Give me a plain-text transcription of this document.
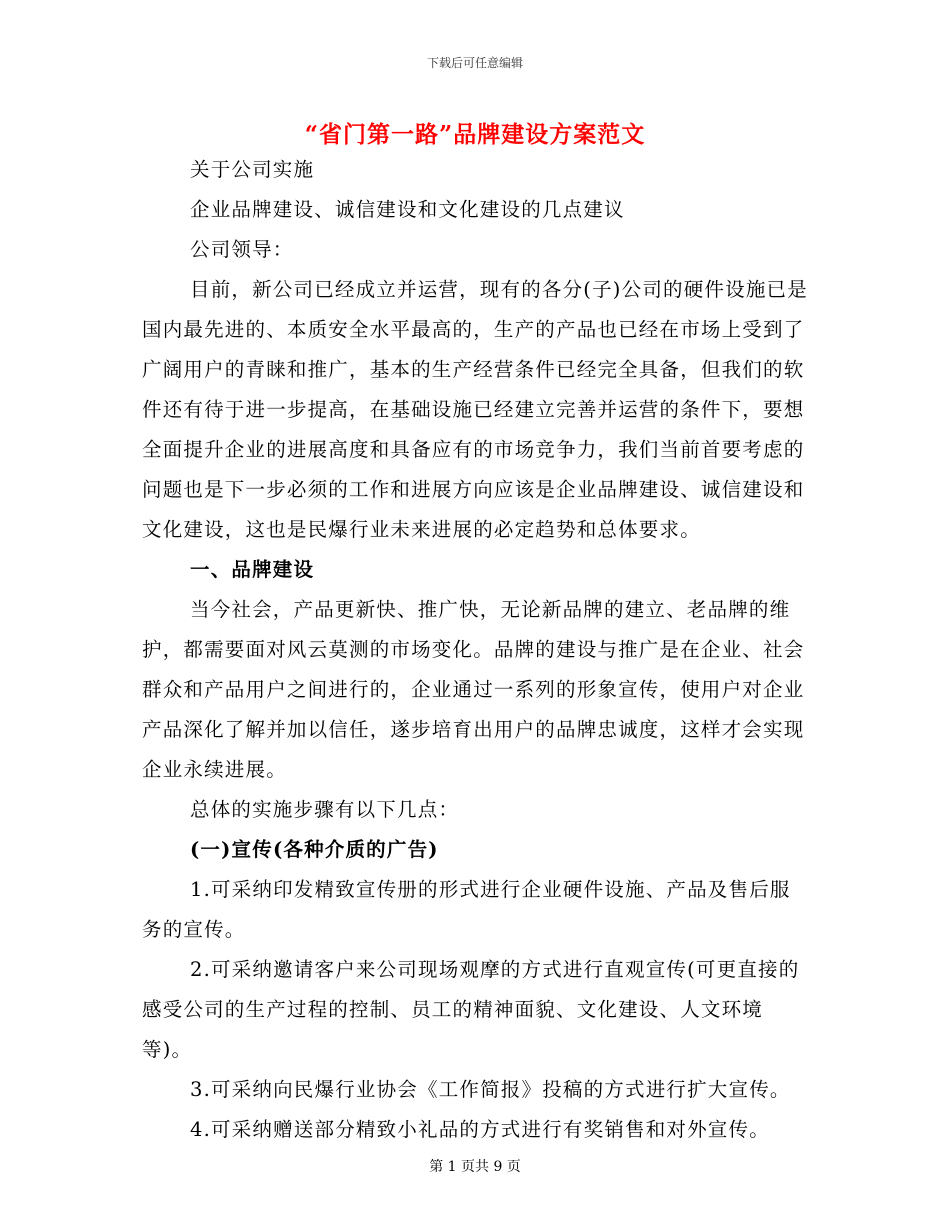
下载后可任意编辑
“省门第一路”品牌建设方案范文

关于公司实施

企业品牌建设、诚信建设和文化建设的几点建议

公司领导：

目前，新公司已经成立并运营，现有的各分(子)公司的硬件设施已是国内最先进的、本质安全水平最高的，生产的产品也已经在市场上受到了广阔用户的青睐和推广，基本的生产经营条件已经完全具备，但我们的软件还有待于进一步提高，在基础设施已经建立完善并运营的条件下，要想全面提升企业的进展高度和具备应有的市场竞争力，我们当前首要考虑的问题也是下一步必须的工作和进展方向应该是企业品牌建设、诚信建设和文化建设，这也是民爆行业未来进展的必定趋势和总体要求。

一、品牌建设

当今社会，产品更新快、推广快，无论新品牌的建立、老品牌的维护，都需要面对风云莫测的市场变化。品牌的建设与推广是在企业、社会群众和产品用户之间进行的，企业通过一系列的形象宣传，使用户对企业产品深化了解并加以信任，遂步培育出用户的品牌忠诚度，这样才会实现企业永续进展。

总体的实施步骤有以下几点：

(一)宣传(各种介质的广告)

1.可采纳印发精致宣传册的形式进行企业硬件设施、产品及售后服务的宣传。

2.可采纳邀请客户来公司现场观摩的方式进行直观宣传(可更直接的感受公司的生产过程的控制、员工的精神面貌、文化建设、人文环境等)。

3.可采纳向民爆行业协会《工作简报》投稿的方式进行扩大宣传。

4.可采纳赠送部分精致小礼品的方式进行有奖销售和对外宣传。

第 1 页共 9 页
